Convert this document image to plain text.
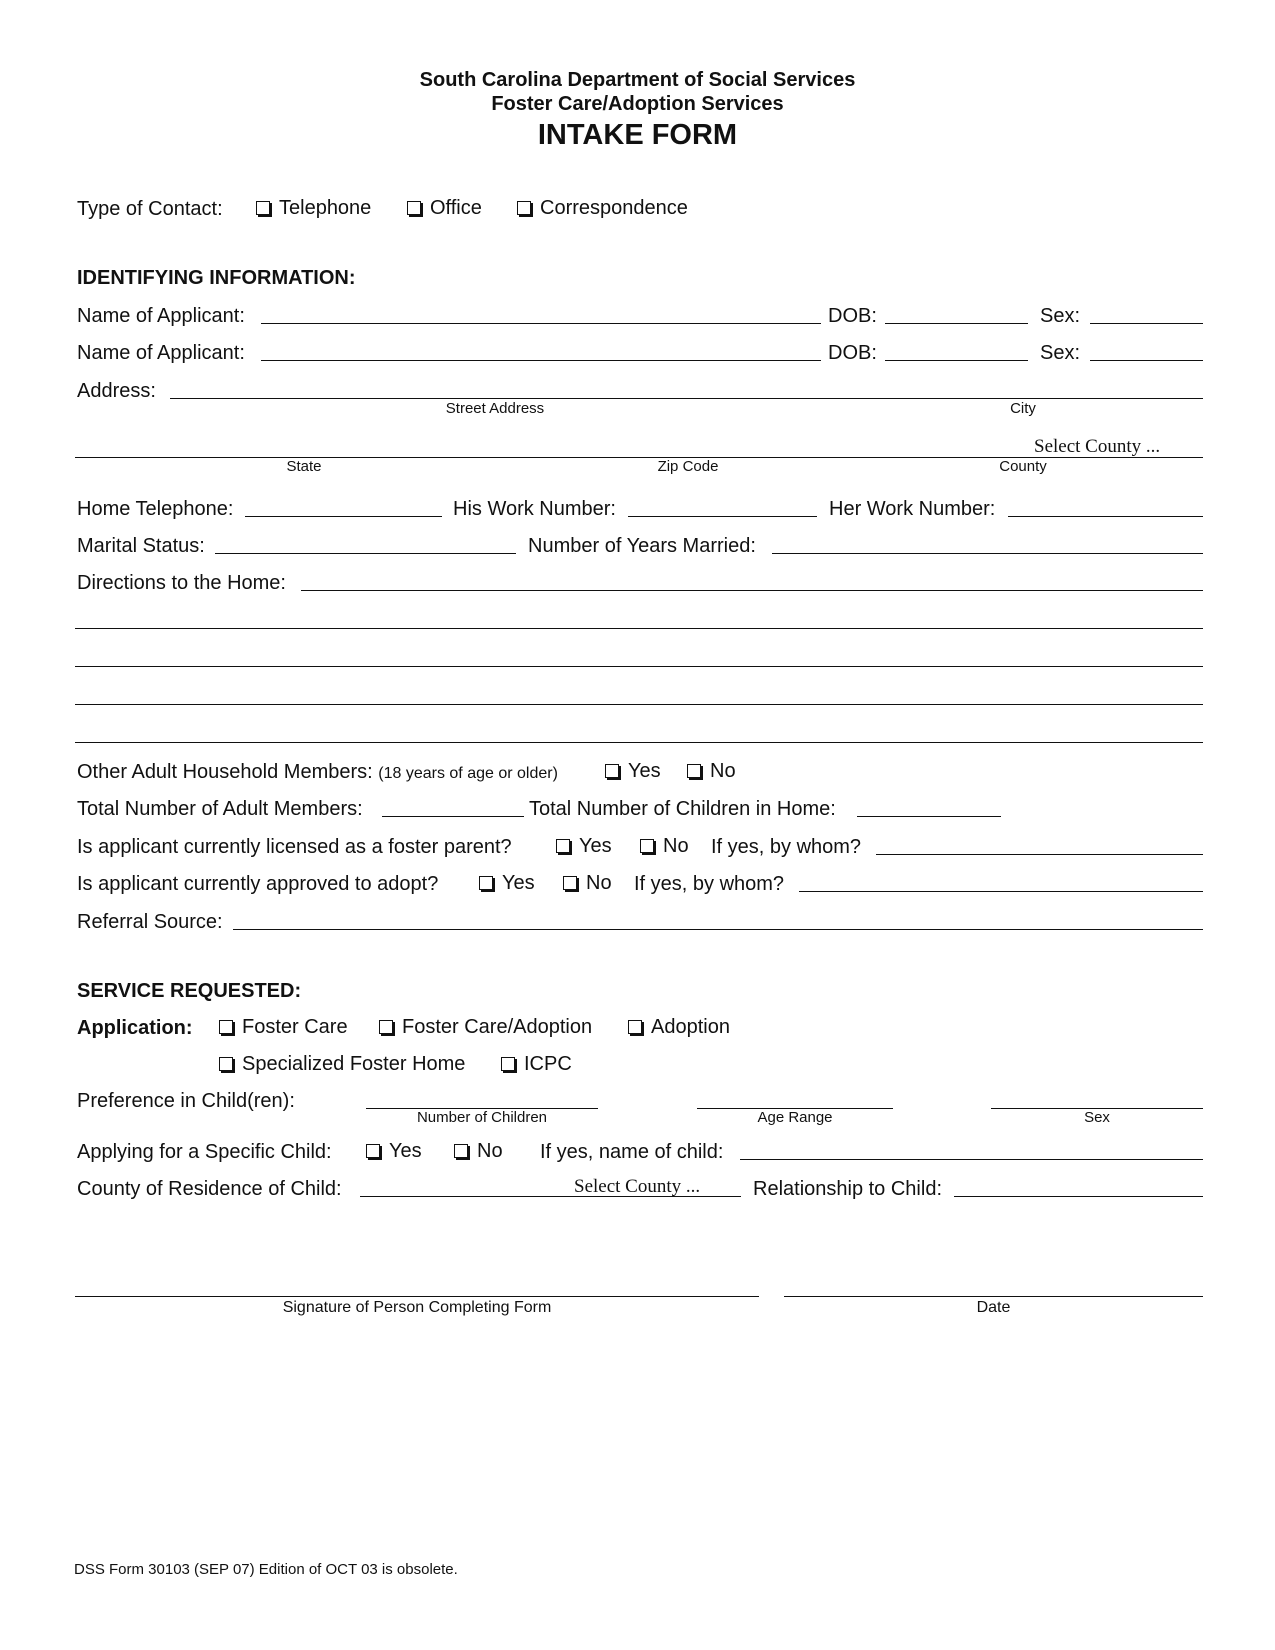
South Carolina Department of Social Services
Foster Care/Adoption Services
INTAKE FORM
Type of Contact:	Telephone	Office	Correspondence
IDENTIFYING INFORMATION:
Name of Applicant:	DOB:	Sex:
Name of Applicant:	DOB:	Sex:
Address:
Street Address	City
Select County ...
State	Zip Code	County
Home Telephone:	His Work Number:	Her Work Number:
Marital Status:	Number of Years Married:
Directions to the Home:
Other Adult Household Members: (18 years of age or older)	Yes	No
Total Number of Adult Members:	Total Number of Children in Home:
Is applicant currently licensed as a foster parent?	Yes	No If yes, by whom?
Is applicant currently approved to adopt?	Yes	No If yes, by whom?
Referral Source:
SERVICE REQUESTED:
Application:	Foster Care	Foster Care/Adoption	Adoption
Specialized Foster Home	ICPC
Preference in Child(ren):
Number of Children	Age Range	Sex
Applying for a Specific Child:	Yes	No If yes, name of child:
County of Residence of Child:	Select County ...	Relationship to Child:
Signature of Person Completing Form	Date
DSS Form 30103 (SEP 07) Edition of OCT 03 is obsolete.
